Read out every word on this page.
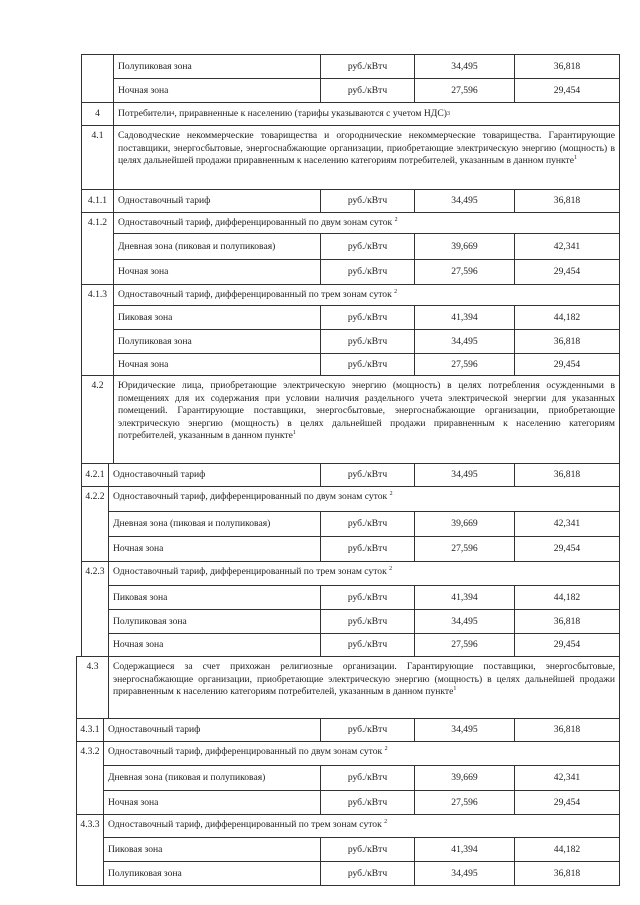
Полупиковая зона	руб./кВтч	34,495	36,818
Ночная зона	руб./кВтч	27,596	29,454
4	Потребители 4 , приравненные к населению (тарифы указываются с учетом НДС) 3
4.1	Садоводческие некоммерческие товарищества и огороднические некоммерческие товарищества. Гарантирующие поставщики, энергосбытовые, энергоснабжающие организации, приобретающие электрическую энергию (мощность) в целях дальнейшей продажи приравненным к населению категориям потребителей, указанным в данном пункте$^1$
4.1.1	Одноставочный тариф	руб./кВтч	34,495	36,818
4.1.2	Одноставочный тариф, дифференцированный по двум зонам суток $^2$
Дневная зона (пиковая и полупиковая)	руб./кВтч	39,669	42,341
Ночная зона	руб./кВтч	27,596	29,454
4.1.3	Одноставочный тариф, дифференцированный по трем зонам суток $^2$
Пиковая зона	руб./кВтч	41,394	44,182
Полупиковая зона	руб./кВтч	34,495	36,818
Ночная зона	руб./кВтч	27,596	29,454
4.2	Юридические лица, приобретающие электрическую энергию (мощность) в целях потребления осужденными в помещениях для их содержания при условии наличия раздельного учета электрической энергии для указанных помещений. Гарантирующие поставщики, энергосбытовые, энергоснабжающие организации, приобретающие электрическую энергию (мощность) в целях дальнейшей продажи приравненным к населению категориям потребителей, указанным в данном пункте$^1$
4.2.1 Одноставочный тариф	руб./кВтч	34,495	36,818
4.2.2 Одноставочный тариф, дифференцированный по двум зонам суток $^2$
Дневная зона (пиковая и полупиковая)	руб./кВтч	39,669	42,341
Ночная зона	руб./кВтч	27,596	29,454
4.2.3 Одноставочный тариф, дифференцированный по трем зонам суток $^2$
Пиковая зона	руб./кВтч	41,394	44,182
Полупиковая зона	руб./кВтч	34,495	36,818
Ночная зона	руб./кВтч	27,596	29,454
4.3	Содержащиеся за счет прихожан религиозные организации. Гарантирующие поставщики, энергосбытовые, энергоснабжающие организации, приобретающие электрическую энергию (мощность) в целях дальнейшей продажи приравненным к населению категориям потребителей, указанным в данном пункте$^1$
4.3.1 Одноставочный тариф	руб./кВтч	34,495	36,818
4.3.2 Одноставочный тариф, дифференцированный по двум зонам суток $^2$
Дневная зона (пиковая и полупиковая)	руб./кВтч	39,669	42,341
Ночная зона	руб./кВтч	27,596	29,454
4.3.3 Одноставочный тариф, дифференцированный по трем зонам суток $^2$
Пиковая зона	руб./кВтч	41,394	44,182
Полупиковая зона	руб./кВтч	34,495	36,818
